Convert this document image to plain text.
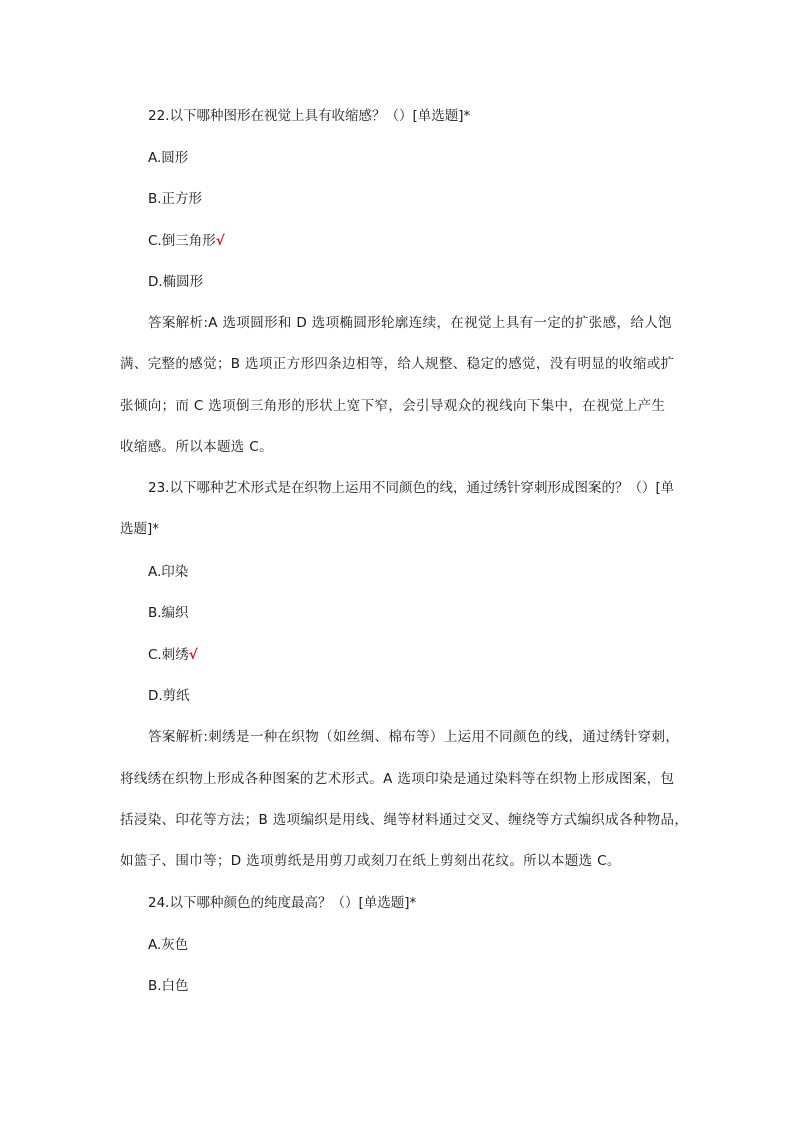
22.以下哪种图形在视觉上具有收缩感？（）[单选题]*
A.圆形
B.正方形
C.倒三角形√
D.椭圆形
答案解析:A 选项圆形和 D 选项椭圆形轮廓连续，在视觉上具有一定的扩张感，给人饱
满、完整的感觉；B 选项正方形四条边相等，给人规整、稳定的感觉，没有明显的收缩或扩
张倾向；而 C 选项倒三角形的形状上宽下窄，会引导观众的视线向下集中，在视觉上产生
收缩感。所以本题选 C。
23.以下哪种艺术形式是在织物上运用不同颜色的线，通过绣针穿刺形成图案的？（）[单
选题]*
A.印染
B.编织
C.刺绣√
D.剪纸
答案解析:刺绣是一种在织物（如丝绸、棉布等）上运用不同颜色的线，通过绣针穿刺，
将线绣在织物上形成各种图案的艺术形式。A 选项印染是通过染料等在织物上形成图案，包
括浸染、印花等方法；B 选项编织是用线、绳等材料通过交叉、缠绕等方式编织成各种物品，
如篮子、围巾等；D 选项剪纸是用剪刀或刻刀在纸上剪刻出花纹。所以本题选 C。
24.以下哪种颜色的纯度最高？（）[单选题]*
A.灰色
B.白色
